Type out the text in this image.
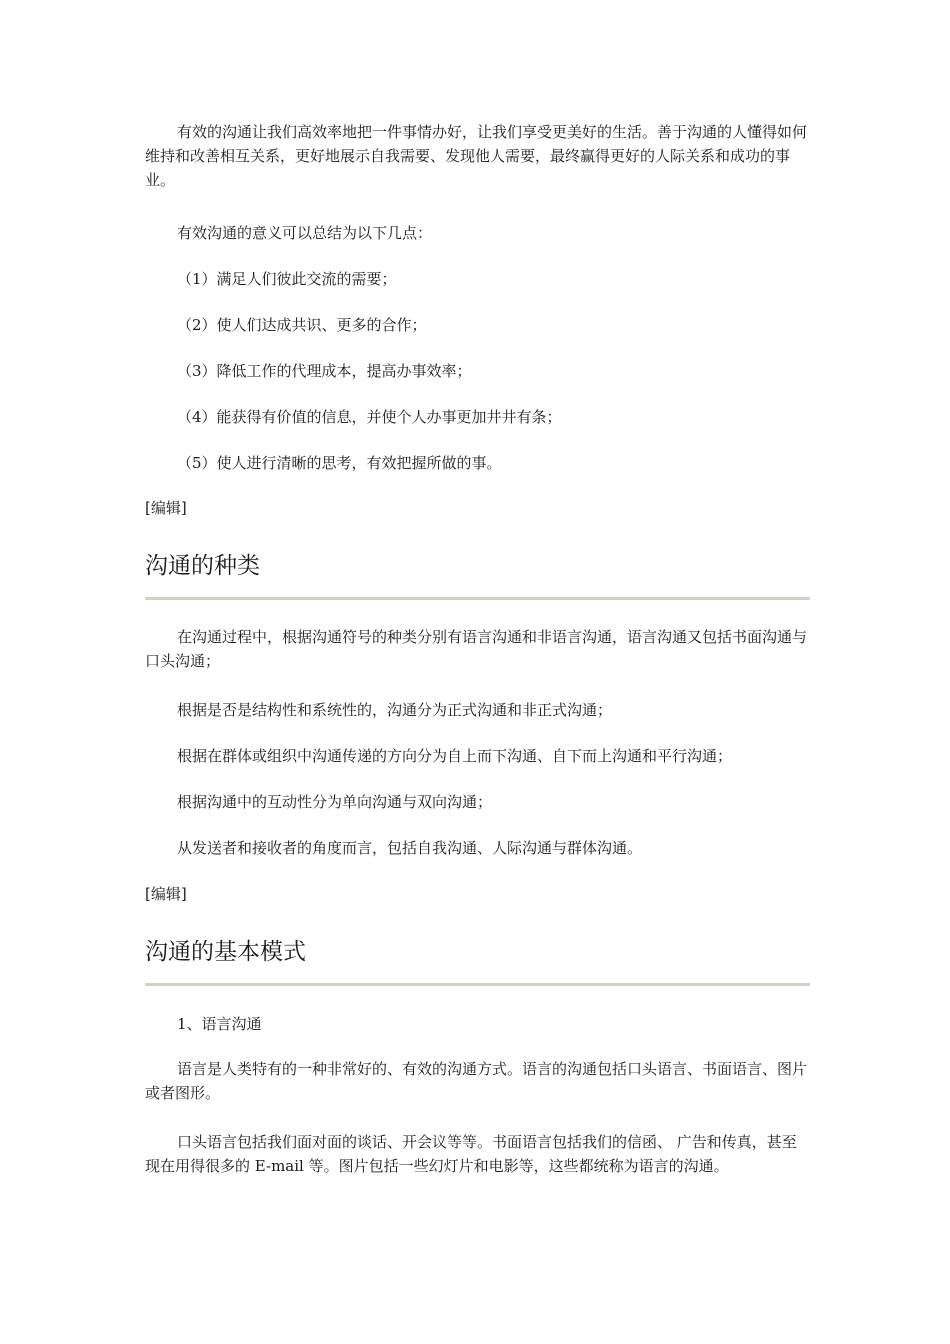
有效的沟通让我们高效率地把一件事情办好，让我们享受更美好的生活。善于沟通的人懂得如何维持和改善相互关系，更好地展示自我需要、发现他人需要，最终赢得更好的人际关系和成功的事业。

有效沟通的意义可以总结为以下几点：

（1）满足人们彼此交流的需要；

（2）使人们达成共识、更多的合作；

（3）降低工作的代理成本，提高办事效率；

（4）能获得有价值的信息，并使个人办事更加井井有条；

（5）使人进行清晰的思考，有效把握所做的事。

[编辑]
沟通的种类

在沟通过程中，根据沟通符号的种类分别有语言沟通和非语言沟通，语言沟通又包括书面沟通与口头沟通；

根据是否是结构性和系统性的，沟通分为正式沟通和非正式沟通；

根据在群体或组织中沟通传递的方向分为自上而下沟通、自下而上沟通和平行沟通；

根据沟通中的互动性分为单向沟通与双向沟通；

从发送者和接收者的角度而言，包括自我沟通、人际沟通与群体沟通。

[编辑]
沟通的基本模式

1、语言沟通

语言是人类特有的一种非常好的、有效的沟通方式。语言的沟通包括口头语言、书面语言、图片或者图形。

口头语言包括我们面对面的谈话、开会议等等。书面语言包括我们的信函、 广告和传真，甚至现在用得很多的 E-mail 等。图片包括一些幻灯片和电影等，这些都统称为语言的沟通。
